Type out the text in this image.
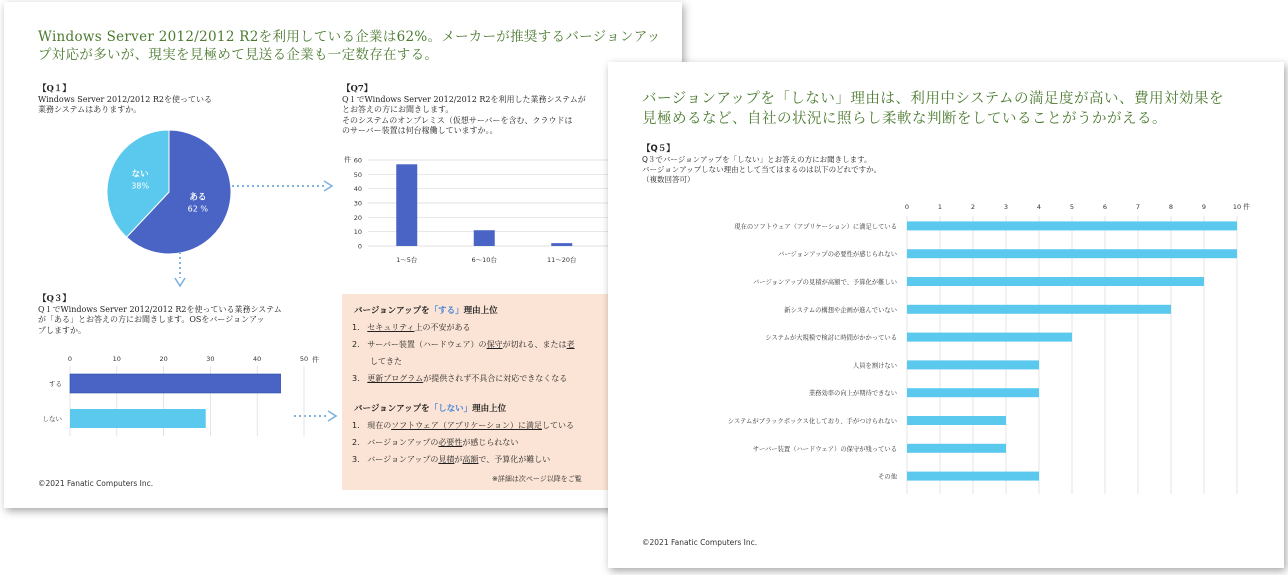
Windows Server 2012/2012 R2を利用している企業は62%。メーカーが推奨するバージョンアップ対応が多いが、現実を見極めて見送る企業も一定数存在する。

【Q１】
Windows Server 2012/2012 R2を使っている
業務システムはありますか。
ある
62 %
ない
38%
【Q7】
Q１でWindows Server 2012/2012 R2を利用した業務システムが
とお答えの方にお聞きします。
そのシステムのオンプレミス（仮想サーバーを含む、クラウドは
のサーバー装置は何台稼働していますか。。
件
0
10
20
30
40
50
60
1～5台	6～10台	11～20台
【Q３】
Q１でWindows Server 2012/2012 R2を使っている業務システム
が「ある」とお答えの方にお聞きします。OSをバージョンアッ
プしますか。
0	10	20	30	40	50 件
する
しない
バージョンアップを「する」理由上位
1. セキュリティ上の不安がある
2. サーバー装置（ハードウェア）の保守が切れる、または老
してきた
3. 更新プログラムが提供されず不具合に対応できなくなる
バージョンアップを「しない」理由上位
1. 現在のソフトウェア（アプリケーション）に満足している
2. バージョンアップの必要性が感じられない
3. バージョンアップの見積が高額で、予算化が難しい
※詳細は次ページ以降をご覧
©2021 Fanatic Computers Inc.
バージョンアップを「しない」理由は、利用中システムの満足度が高い、費用対効果を
見極めるなど、自社の状況に照らし柔軟な判断をしていることがうかがえる。
【Q５】
Q３でバージョンアップを「しない」とお答えの方にお聞きします。
バージョンアップしない理由として当てはまるのは以下のどれですか。
（複数回答可）
0	1	2	3	4	5	6	7	8	9	10 件
現在のソフトウェア（アプリケーション）に満足している
バージョンアップの必要性が感じられない
バージョンアップの見積が高額で、予算化が難しい
新システムの構想や企画が進んでいない
システムが大規模で検討に時間がかかっている
人員を割けない
業務効率の向上が期待できない
システムがブラックボックス化しており、手がつけられない
サーバー装置（ハードウェア）の保守が残っている
その他
©2021 Fanatic Computers Inc.
